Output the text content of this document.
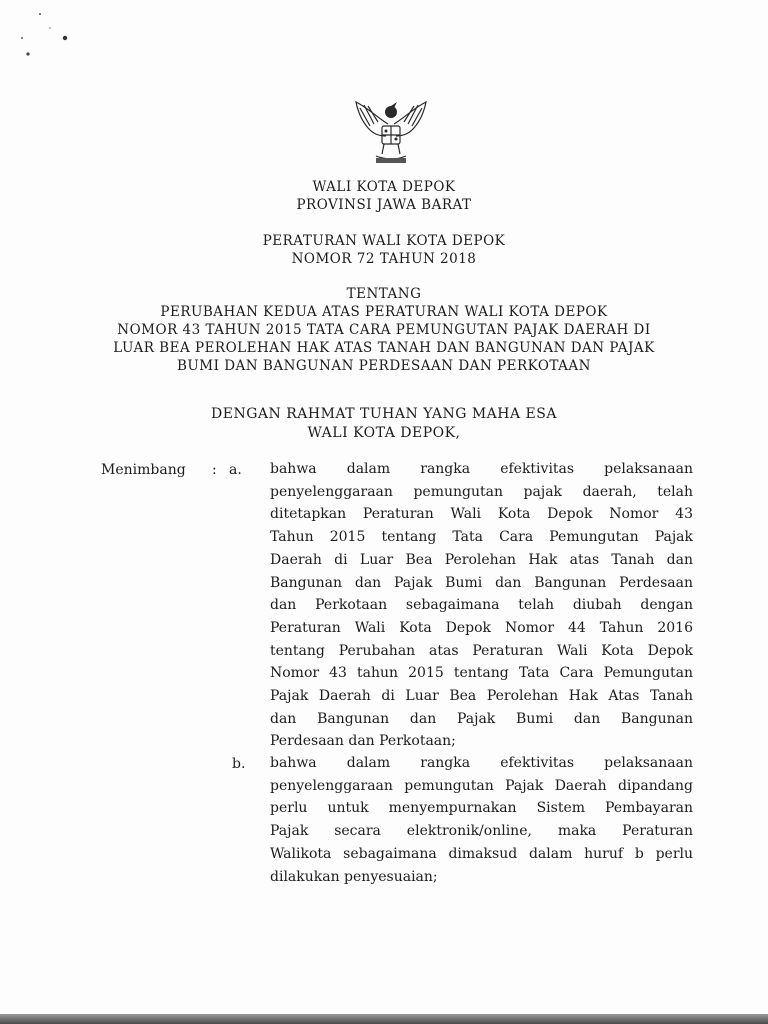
WALI KOTA DEPOK
PROVINSI JAWA BARAT
PERATURAN WALI KOTA DEPOK
NOMOR 72 TAHUN 2018
TENTANG
PERUBAHAN KEDUA ATAS PERATURAN WALI KOTA DEPOK
NOMOR 43 TAHUN 2015 TATA CARA PEMUNGUTAN PAJAK DAERAH DI
LUAR BEA PEROLEHAN HAK ATAS TANAH DAN BANGUNAN DAN PAJAK
BUMI DAN BANGUNAN PERDESAAN DAN PERKOTAAN
DENGAN RAHMAT TUHAN YANG MAHA ESA
WALI KOTA DEPOK,
Menimbang : a. bahwa dalam rangka efektivitas pelaksanaan
penyelenggaraan pemungutan pajak daerah, telah
ditetapkan Peraturan Wali Kota Depok Nomor 43
Tahun 2015 tentang Tata Cara Pemungutan Pajak
Daerah di Luar Bea Perolehan Hak atas Tanah dan
Bangunan dan Pajak Bumi dan Bangunan Perdesaan
dan Perkotaan sebagaimana telah diubah dengan
Peraturan Wali Kota Depok Nomor 44 Tahun 2016
tentang Perubahan atas Peraturan Wali Kota Depok
Nomor 43 tahun 2015 tentang Tata Cara Pemungutan
Pajak Daerah di Luar Bea Perolehan Hak Atas Tanah
dan Bangunan dan Pajak Bumi dan Bangunan
Perdesaan dan Perkotaan;
b. bahwa dalam rangka efektivitas pelaksanaan
penyelenggaraan pemungutan Pajak Daerah dipandang
perlu untuk menyempurnakan Sistem Pembayaran
Pajak secara elektronik/online, maka Peraturan
Walikota sebagaimana dimaksud dalam huruf b perlu
dilakukan penyesuaian;
